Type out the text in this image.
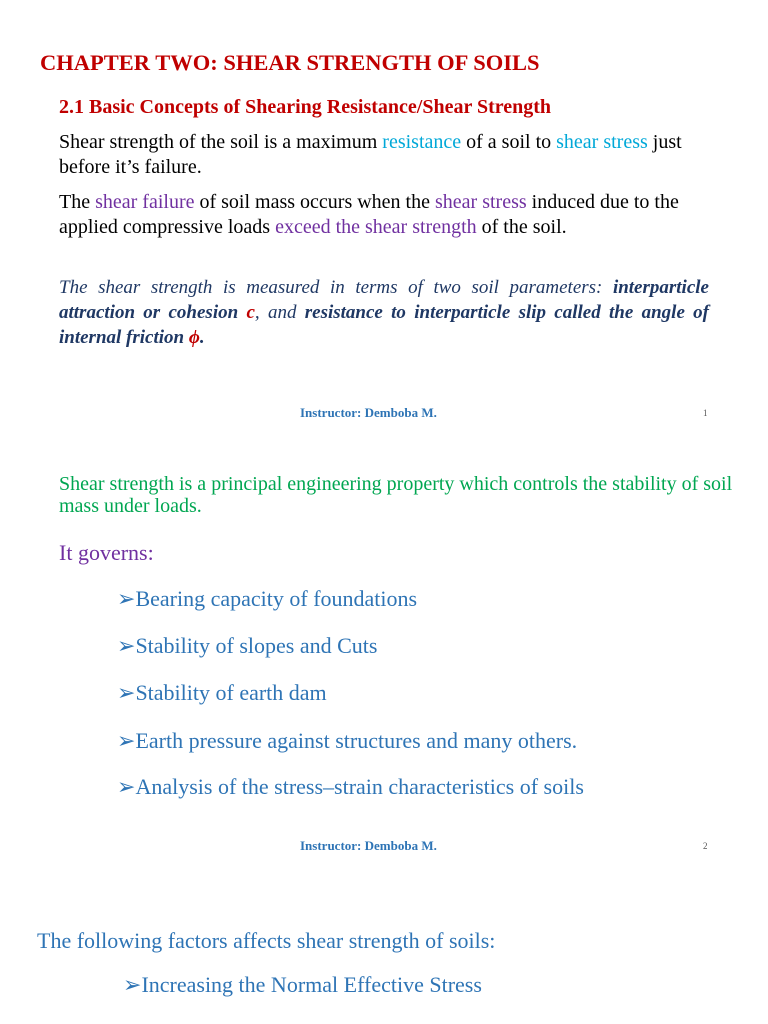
CHAPTER TWO: SHEAR STRENGTH OF SOILS
2.1 Basic Concepts of Shearing Resistance/Shear Strength
Shear strength of the soil is a maximum resistance of a soil to shear stress just before it’s failure.
The shear failure of soil mass occurs when the shear stress induced due to the applied compressive loads exceed the shear strength of the soil.
The shear strength is measured in terms of two soil parameters: interparticle attraction or cohesion c, and resistance to interparticle slip called the angle of internal friction ϕ.
Instructor: Demboba M.	1
Shear strength is a principal engineering property which controls the stability of soil mass under loads.
It governs:
➢Bearing capacity of foundations
➢Stability of slopes and Cuts
➢Stability of earth dam
➢Earth pressure against structures and many others.
➢Analysis of the stress–strain characteristics of soils
Instructor: Demboba M.	2
The following factors affects shear strength of soils:
➢Increasing the Normal Effective Stress
